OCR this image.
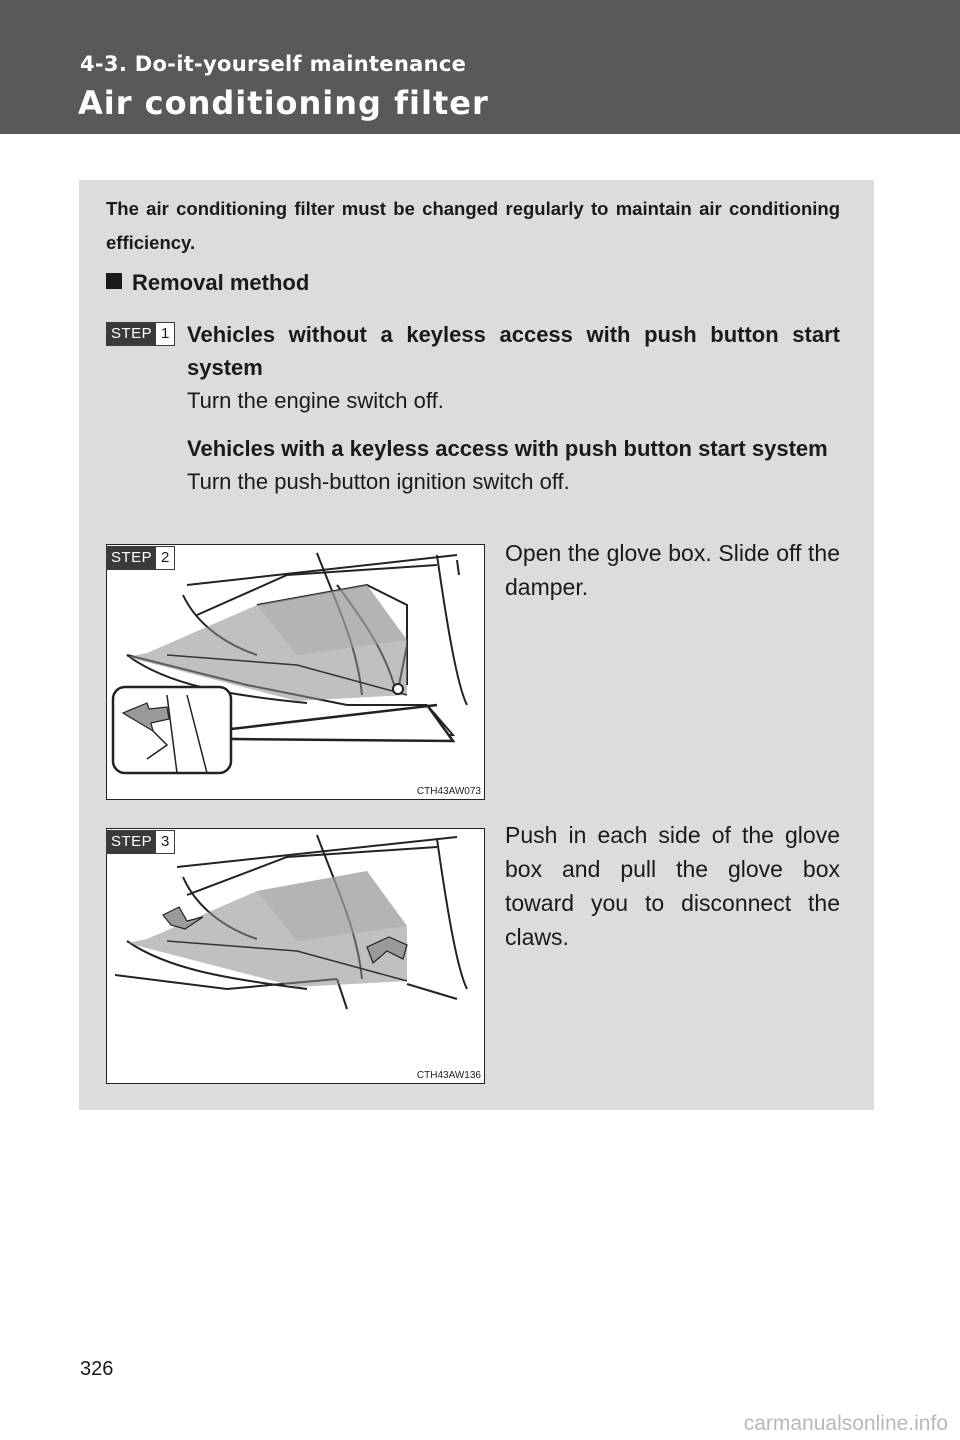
4-3. Do-it-yourself maintenance
Air conditioning filter

The air conditioning filter must be changed regularly to maintain air conditioning efficiency.

Removal method
STEP 1 Vehicles without a keyless access with push button start system

Turn the engine switch off.

Vehicles with a keyless access with push button start system

Turn the push-button ignition switch off.

CTH43AW073
STEP 2	Open the glove box. Slide off the damper.

CTH43AW136
STEP 3	Push in each side of the glove box and pull the glove box toward you to disconnect the claws.

326
carmanualsonline.info
